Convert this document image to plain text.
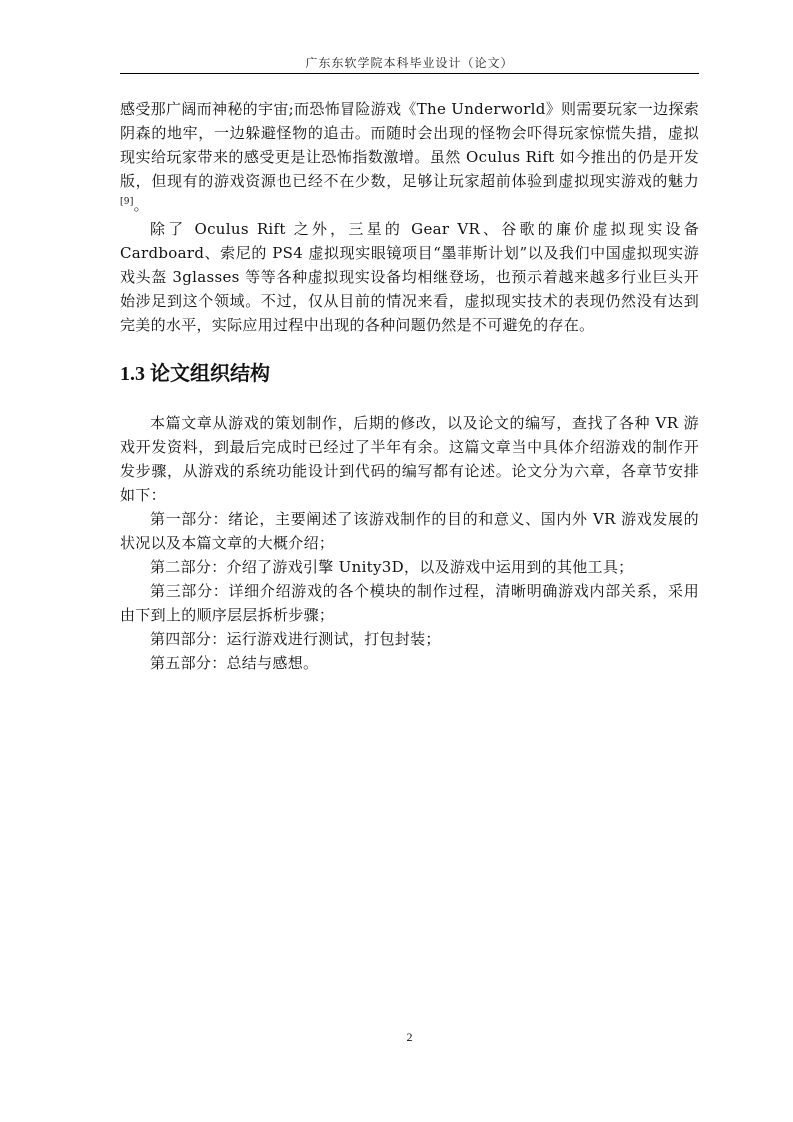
广东东软学院本科毕业设计（论文）

感受那广阔而神秘的宇宙;而恐怖冒险游戏《The Underworld》则需要玩家一边探索阴森的地牢，一边躲避怪物的追击。而随时会出现的怪物会吓得玩家惊慌失措，虚拟现实给玩家带来的感受更是让恐怖指数激增。虽然 Oculus Rift 如今推出的仍是开发版，但现有的游戏资源也已经不在少数，足够让玩家超前体验到虚拟现实游戏的魅力[9]。

除了 Oculus Rift 之外，三星的 Gear VR、谷歌的廉价虚拟现实设备 Cardboard、索尼的 PS4 虚拟现实眼镜项目“墨菲斯计划”以及我们中国虚拟现实游戏头盔 3glasses 等等各种虚拟现实设备均相继登场，也预示着越来越多行业巨头开始涉足到这个领域。不过，仅从目前的情况来看，虚拟现实技术的表现仍然没有达到完美的水平，实际应用过程中出现的各种问题仍然是不可避免的存在。

1.3 论文组织结构

本篇文章从游戏的策划制作，后期的修改，以及论文的编写，查找了各种 VR 游戏开发资料，到最后完成时已经过了半年有余。这篇文章当中具体介绍游戏的制作开发步骤，从游戏的系统功能设计到代码的编写都有论述。论文分为六章，各章节安排如下：

第一部分：绪论，主要阐述了该游戏制作的目的和意义、国内外 VR 游戏发展的状况以及本篇文章的大概介绍；

第二部分：介绍了游戏引擎 Unity3D，以及游戏中运用到的其他工具；

第三部分：详细介绍游戏的各个模块的制作过程，清晰明确游戏内部关系，采用由下到上的顺序层层拆析步骤；

第四部分：运行游戏进行测试，打包封装；

第五部分：总结与感想。

2
